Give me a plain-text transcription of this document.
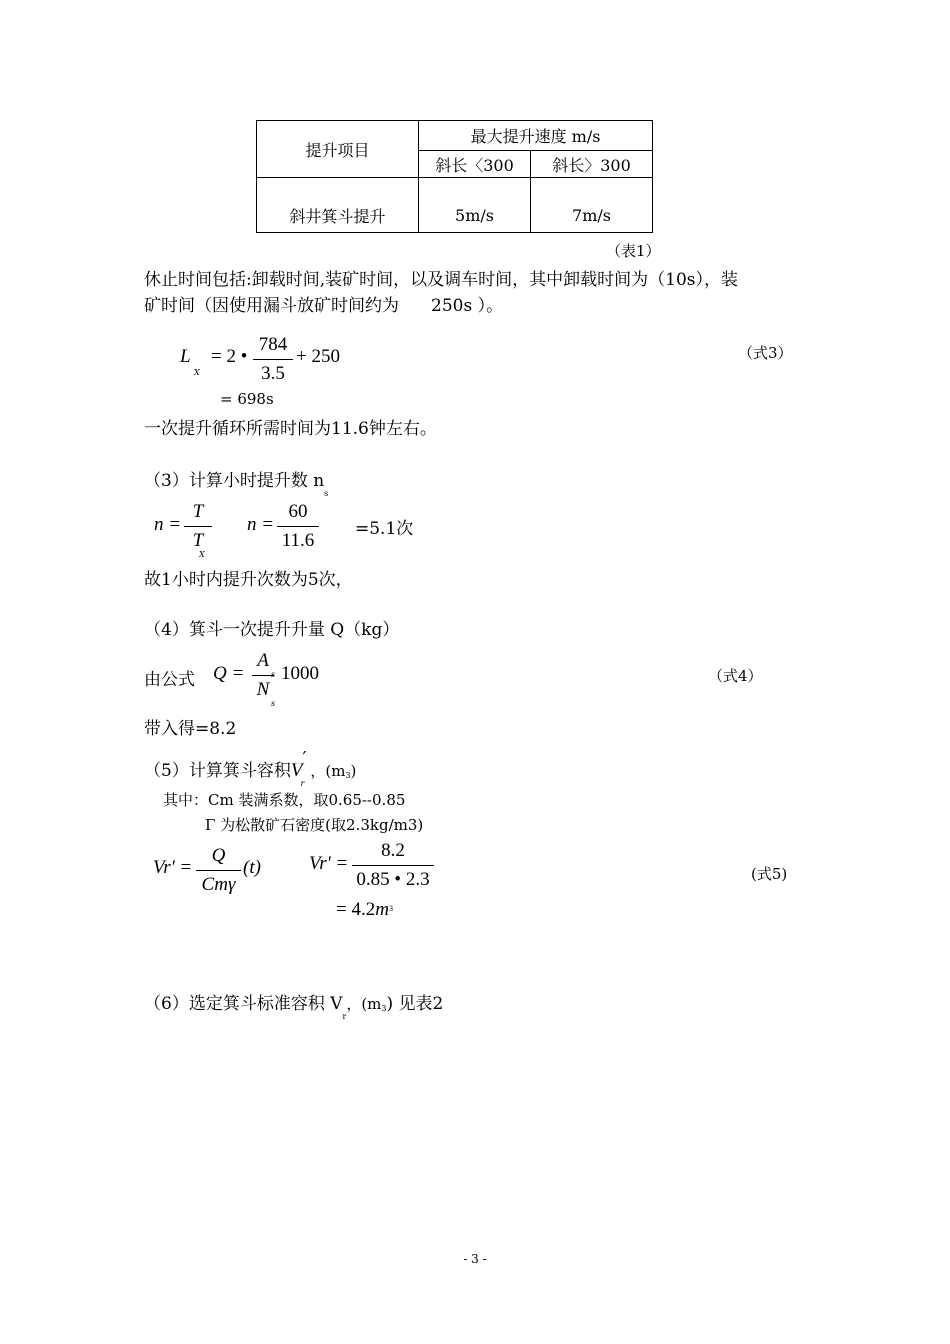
提升项目	最大提升速度 m/s	
	斜长〈300	斜长〉300
斜井箕斗提升	5m/s	7m/s
（表1）
休止时间包括:卸载时间,装矿时间，以及调车时间，其中卸载时间为（10s），装
矿时间（因使用漏斗放矿时间约为 250s ）。
L
X
= 2 •
784
3.5
+ 250	（式3）
= 698s
一次提升循环所需时间为11.6钟左右。
（3）计算小时提升数 $n_s$
n =
T
T
X
n =
60
11.6
=5.1次
故1小时内提升次数为5次，
（4）箕斗一次提升升量 Q（kg）
由公式 Q =
A
N
s
s
1000	（式4）
带入得=8.2
（5）计算箕斗容积$V'_r$，(m3)
其中：Cm 装满系数，取0.65--0.85
Γ 为松散矿石密度(取2.3kg/m3)
Vr' =
Q
Cmγ
(t)	Vr' =
8.2
0.85 • 2.3
= $4.2m^3$
(式5)
（6）选定箕斗标准容积 $V_r$，(m3) 见表2
- 3 -
